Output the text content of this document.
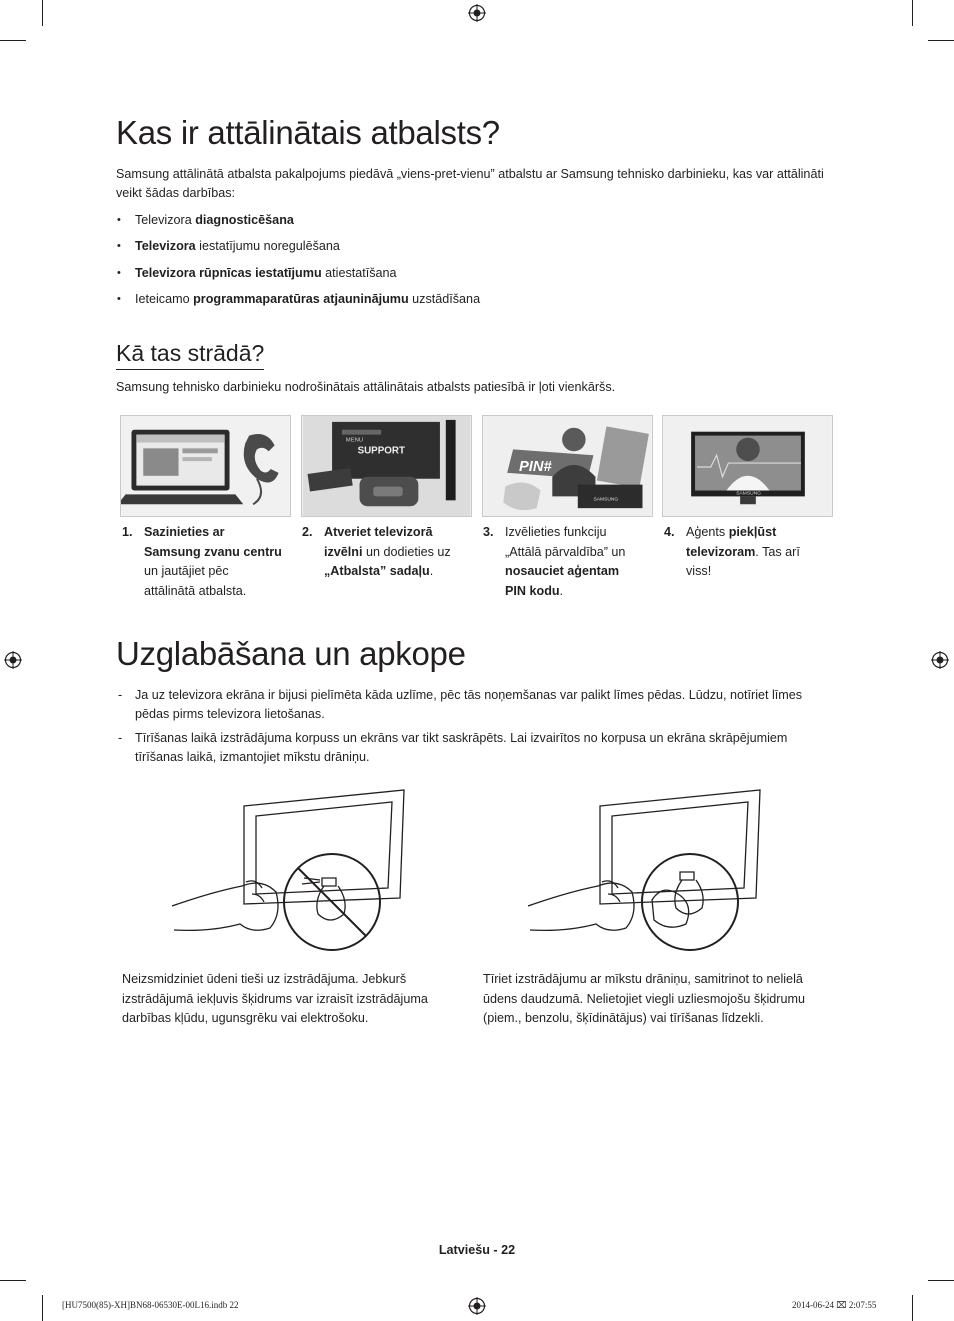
Kas ir attālinātais atbalsts?

Samsung attālinātā atbalsta pakalpojums piedāvā „viens-pret-vienu” atbalstu ar Samsung tehnisko darbinieku, kas var attālināti veikt šādas darbības:

• Televizora diagnosticēšana
• Televizora iestatījumu noregulēšana
• Televizora rūpnīcas iestatījumu atiestatīšana
• Ieteicamo programmaparatūras atjauninājumu uzstādīšana
Kā tas strādā?

Samsung tehnisko darbinieku nodrošinātais attālinātais atbalsts patiesībā ir ļoti vienkāršs.

MENU
SUPPORT
PIN#
SAMSUNG
SAMSUNG
1. Sazinieties ar Samsung zvanu centru un jautājiet pēc attālinātā atbalsta.
2. Atveriet televizorā izvēlni un dodieties uz „Atbalsta” sadaļu.
3. Izvēlieties funkciju „Attālā pārvaldība” un nosauciet aģentam PIN kodu.
4. Aģents piekļūst televizoram. Tas arī viss!
Uzglabāšana un apkope
- Ja uz televizora ekrāna ir bijusi pielīmēta kāda uzlīme, pēc tās noņemšanas var palikt līmes pēdas. Lūdzu, notīriet līmes pēdas pirms televizora lietošanas.
- Tīrīšanas laikā izstrādājuma korpuss un ekrāns var tikt saskrāpēts. Lai izvairītos no korpusa un ekrāna skrāpējumiem tīrīšanas laikā, izmantojiet mīkstu drāniņu.

Neizsmidziniet ūdeni tieši uz izstrādājuma. Jebkurš izstrādājumā iekļuvis šķidrums var izraisīt izstrādājuma darbības kļūdu, ugunsgrēku vai elektrošoku.

Tīriet izstrādājumu ar mīkstu drāniņu, samitrinot to nelielā ūdens daudzumā. Nelietojiet viegli uzliesmojošu šķidrumu (piem., benzolu, šķīdinātājus) vai tīrīšanas līdzekli.

Latviešu - 22
[HU7500(85)-XH]BN68-06530E-00L16.indb 22	2014-06-24 ⌧ 2:07:55
